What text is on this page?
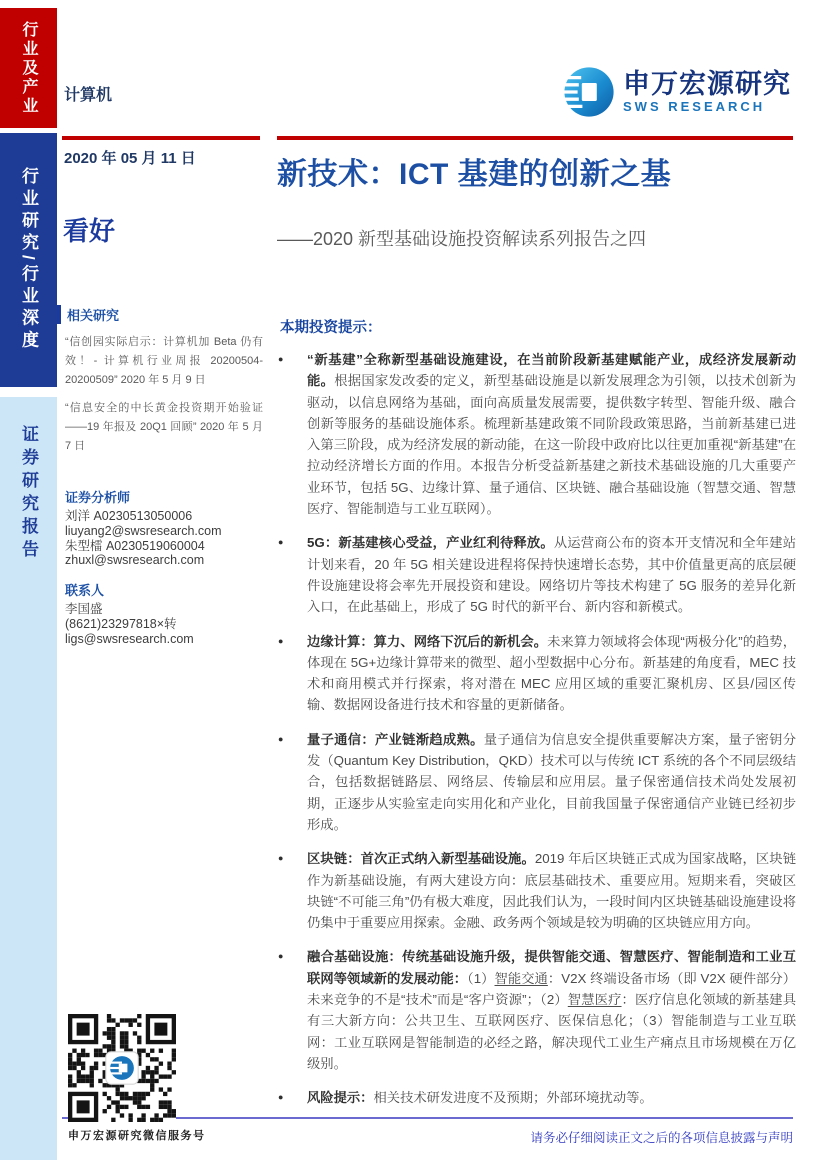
行业及产业
行业研究/行业深度
证券研究报告
计算机	申万宏源研究
SWS RESEARCH
2020 年 05 月 11 日	新技术：ICT 基建的创新之基
看好	——2020 新型基础设施投资解读系列报告之四
相关研究
“信创园实际启示：计算机加 Beta 仍有效！- 计算机行业周报 20200504-20200509” 2020 年 5 月 9 日
“信息安全的中长黄金投资期开始验证——19 年报及 20Q1 回顾” 2020 年 5 月 7 日
证券分析师
刘洋 A0230513050006
liuyang2@swsresearch.com
朱型檑 A0230519060004
zhuxl@swsresearch.com
联系人
李国盛
(8621)23297818×转
ligs@swsresearch.com
本期投资提示：
● “新基建”全称新型基础设施建设，在当前阶段新基建赋能产业，成经济发展新动能。根据国家发改委的定义，新型基础设施是以新发展理念为引领，以技术创新为驱动，以信息网络为基础，面向高质量发展需要，提供数字转型、智能升级、融合创新等服务的基础设施体系。梳理新基建政策不同阶段政策思路，当前新基建已进入第三阶段，成为经济发展的新动能，在这一阶段中政府比以往更加重视“新基建”在拉动经济增长方面的作用。本报告分析受益新基建之新技术基础设施的几大重要产业环节，包括 5G、边缘计算、量子通信、区块链、融合基础设施（智慧交通、智慧医疗、智能制造与工业互联网）。
● 5G：新基建核心受益，产业红利待释放。从运营商公布的资本开支情况和全年建站计划来看，20 年 5G 相关建设进程将保持快速增长态势，其中价值量更高的底层硬件设施建设将会率先开展投资和建设。网络切片等技术构建了 5G 服务的差异化新入口，在此基础上，形成了 5G 时代的新平台、新内容和新模式。
● 边缘计算：算力、网络下沉后的新机会。未来算力领域将会体现“两极分化”的趋势，体现在 5G+边缘计算带来的微型、超小型数据中心分布。新基建的角度看，MEC 技术和商用模式并行探索，将对潜在 MEC 应用区域的重要汇聚机房、区县/园区传输、数据网设备进行技术和容量的更新储备。
● 量子通信：产业链渐趋成熟。量子通信为信息安全提供重要解决方案，量子密钥分发（Quantum Key Distribution，QKD）技术可以与传统 ICT 系统的各个不同层级结合，包括数据链路层、网络层、传输层和应用层。量子保密通信技术尚处发展初期，正逐步从实验室走向实用化和产业化，目前我国量子保密通信产业链已经初步形成。
● 区块链：首次正式纳入新型基础设施。2019 年后区块链正式成为国家战略，区块链作为新基础设施，有两大建设方向：底层基础技术、重要应用。短期来看，突破区块链“不可能三角”仍有极大难度，因此我们认为，一段时间内区块链基础设施建设将仍集中于重要应用探索。金融、政务两个领域是较为明确的区块链应用方向。
● 融合基础设施：传统基础设施升级，提供智能交通、智慧医疗、智能制造和工业互联网等领域新的发展动能：（1）智能交通：V2X 终端设备市场（即 V2X 硬件部分）未来竞争的不是“技术”而是“客户资源”；（2）智慧医疗：医疗信息化领域的新基建具有三大新方向：公共卫生、互联网医疗、医保信息化；（3）智能制造与工业互联网：工业互联网是智能制造的必经之路，解决现代工业生产痛点且市场规模在万亿级别。
● 风险提示：相关技术研发进度不及预期；外部环境扰动等。
申万宏源研究微信服务号	请务必仔细阅读正文之后的各项信息披露与声明
